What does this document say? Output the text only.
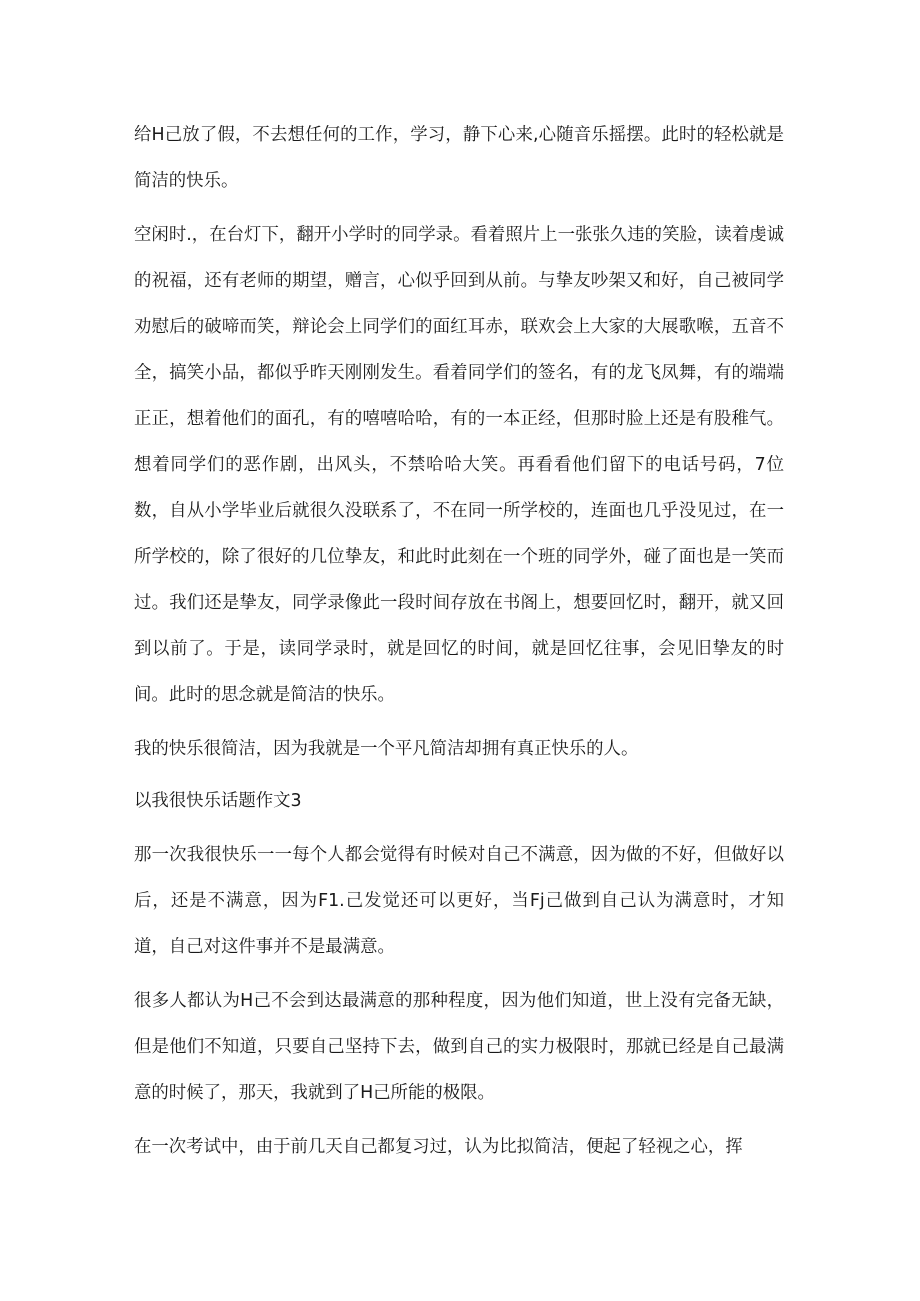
给H己放了假，不去想任何的工作，学习，静下心来,心随音乐摇摆。此时的轻松就是简洁的快乐。

空闲时.，在台灯下，翻开小学时的同学录。看着照片上一张张久违的笑脸，读着虔诚的祝福，还有老师的期望，赠言，心似乎回到从前。与挚友吵架又和好，自己被同学劝慰后的破啼而笑，辩论会上同学们的面红耳赤，联欢会上大家的大展歌喉，五音不全，搞笑小品，都似乎昨天刚刚发生。看着同学们的签名，有的龙飞凤舞，有的端端正正，想着他们的面孔，有的嘻嘻哈哈，有的一本正经，但那时脸上还是有股稚气。想着同学们的恶作剧，出风头，不禁哈哈大笑。再看看他们留下的电话号码，7位数，自从小学毕业后就很久没联系了，不在同一所学校的，连面也几乎没见过，在一所学校的，除了很好的几位挚友，和此时此刻在一个班的同学外，碰了面也是一笑而过。我们还是挚友，同学录像此一段时间存放在书阁上，想要回忆时，翻开，就又回到以前了。于是，读同学录时，就是回忆的时间，就是回忆往事，会见旧挚友的时间。此时的思念就是简洁的快乐。

我的快乐很简洁，因为我就是一个平凡简洁却拥有真正快乐的人。

以我很快乐话题作文3

那一次我很快乐一一每个人都会觉得有时候对自己不满意，因为做的不好，但做好以后，还是不满意，因为F1.己发觉还可以更好，当Fj己做到自己认为满意时，才知道，自己对这件事并不是最满意。

很多人都认为H己不会到达最满意的那种程度，因为他们知道，世上没有完备无缺，但是他们不知道，只要自己坚持下去，做到自己的实力极限时，那就已经是自己最满意的时候了，那天，我就到了H己所能的极限。

在一次考试中，由于前几天自己都复习过，认为比拟简洁，便起了轻视之心，挥
